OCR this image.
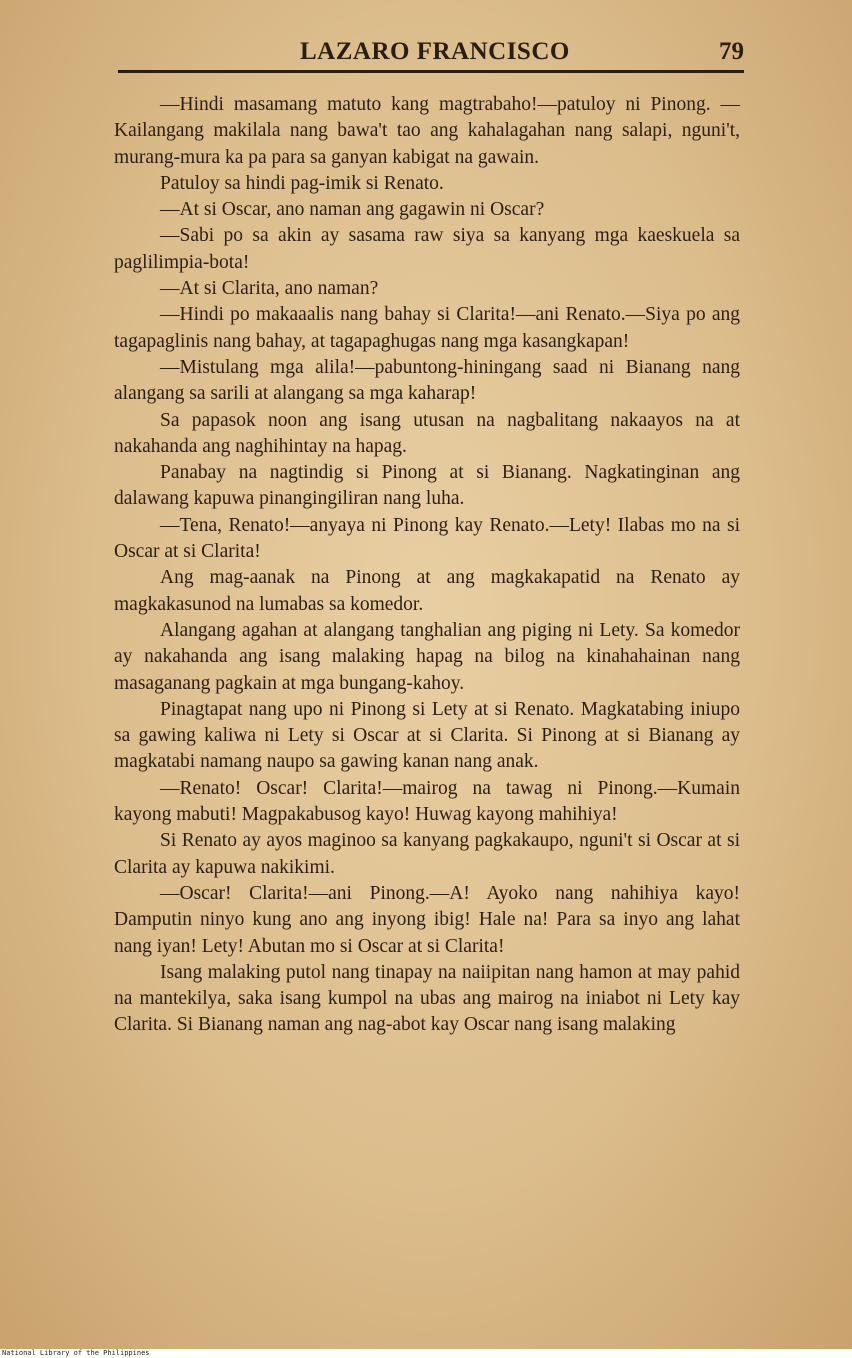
LAZARO FRANCISCO	79

—Hindi masamang matuto kang magtrabaho!—patuloy ni Pinong. —Kailangang makilala nang bawa't tao ang kahalagahan nang salapi, nguni't, murang-mura ka pa para sa ganyan kabigat na gawain.

Patuloy sa hindi pag-imik si Renato.

—At si Oscar, ano naman ang gagawin ni Oscar?

—Sabi po sa akin ay sasama raw siya sa kanyang mga kaeskuela sa paglilimpia-bota!

—At si Clarita, ano naman?

—Hindi po makaaalis nang bahay si Clarita!—ani Renato.—Siya po ang tagapaglinis nang bahay, at tagapaghugas nang mga kasangkapan!

—Mistulang mga alila!—pabuntong-hiningang saad ni Bianang nang alangang sa sarili at alangang sa mga kaharap!

Sa papasok noon ang isang utusan na nagbalitang nakaayos na at nakahanda ang naghihintay na hapag.

Panabay na nagtindig si Pinong at si Bianang. Nagkatinginan ang dalawang kapuwa pinangingiliran nang luha.

—Tena, Renato!—anyaya ni Pinong kay Renato.—Lety! Ilabas mo na si Oscar at si Clarita!

Ang mag-aanak na Pinong at ang magkakapatid na Renato ay magkakasunod na lumabas sa komedor.

Alangang agahan at alangang tanghalian ang piging ni Lety. Sa komedor ay nakahanda ang isang malaking hapag na bilog na kinahahainan nang masaganang pagkain at mga bungang-kahoy.

Pinagtapat nang upo ni Pinong si Lety at si Renato. Magkatabing iniupo sa gawing kaliwa ni Lety si Oscar at si Clarita. Si Pinong at si Bianang ay magkatabi namang naupo sa gawing kanan nang anak.

—Renato! Oscar! Clarita!—mairog na tawag ni Pinong.—Kumain kayong mabuti! Magpakabusog kayo! Huwag kayong mahihiya!

Si Renato ay ayos maginoo sa kanyang pagkakaupo, nguni't si Oscar at si Clarita ay kapuwa nakikimi.

—Oscar! Clarita!—ani Pinong.—A! Ayoko nang nahihiya kayo! Damputin ninyo kung ano ang inyong ibig! Hale na! Para sa inyo ang lahat nang iyan! Lety! Abutan mo si Oscar at si Clarita!

Isang malaking putol nang tinapay na naiipitan nang hamon at may pahid na mantekilya, saka isang kumpol na ubas ang mairog na iniabot ni Lety kay Clarita. Si Bianang naman ang nag-abot kay Oscar nang isang malaking

National Library of the Philippines
